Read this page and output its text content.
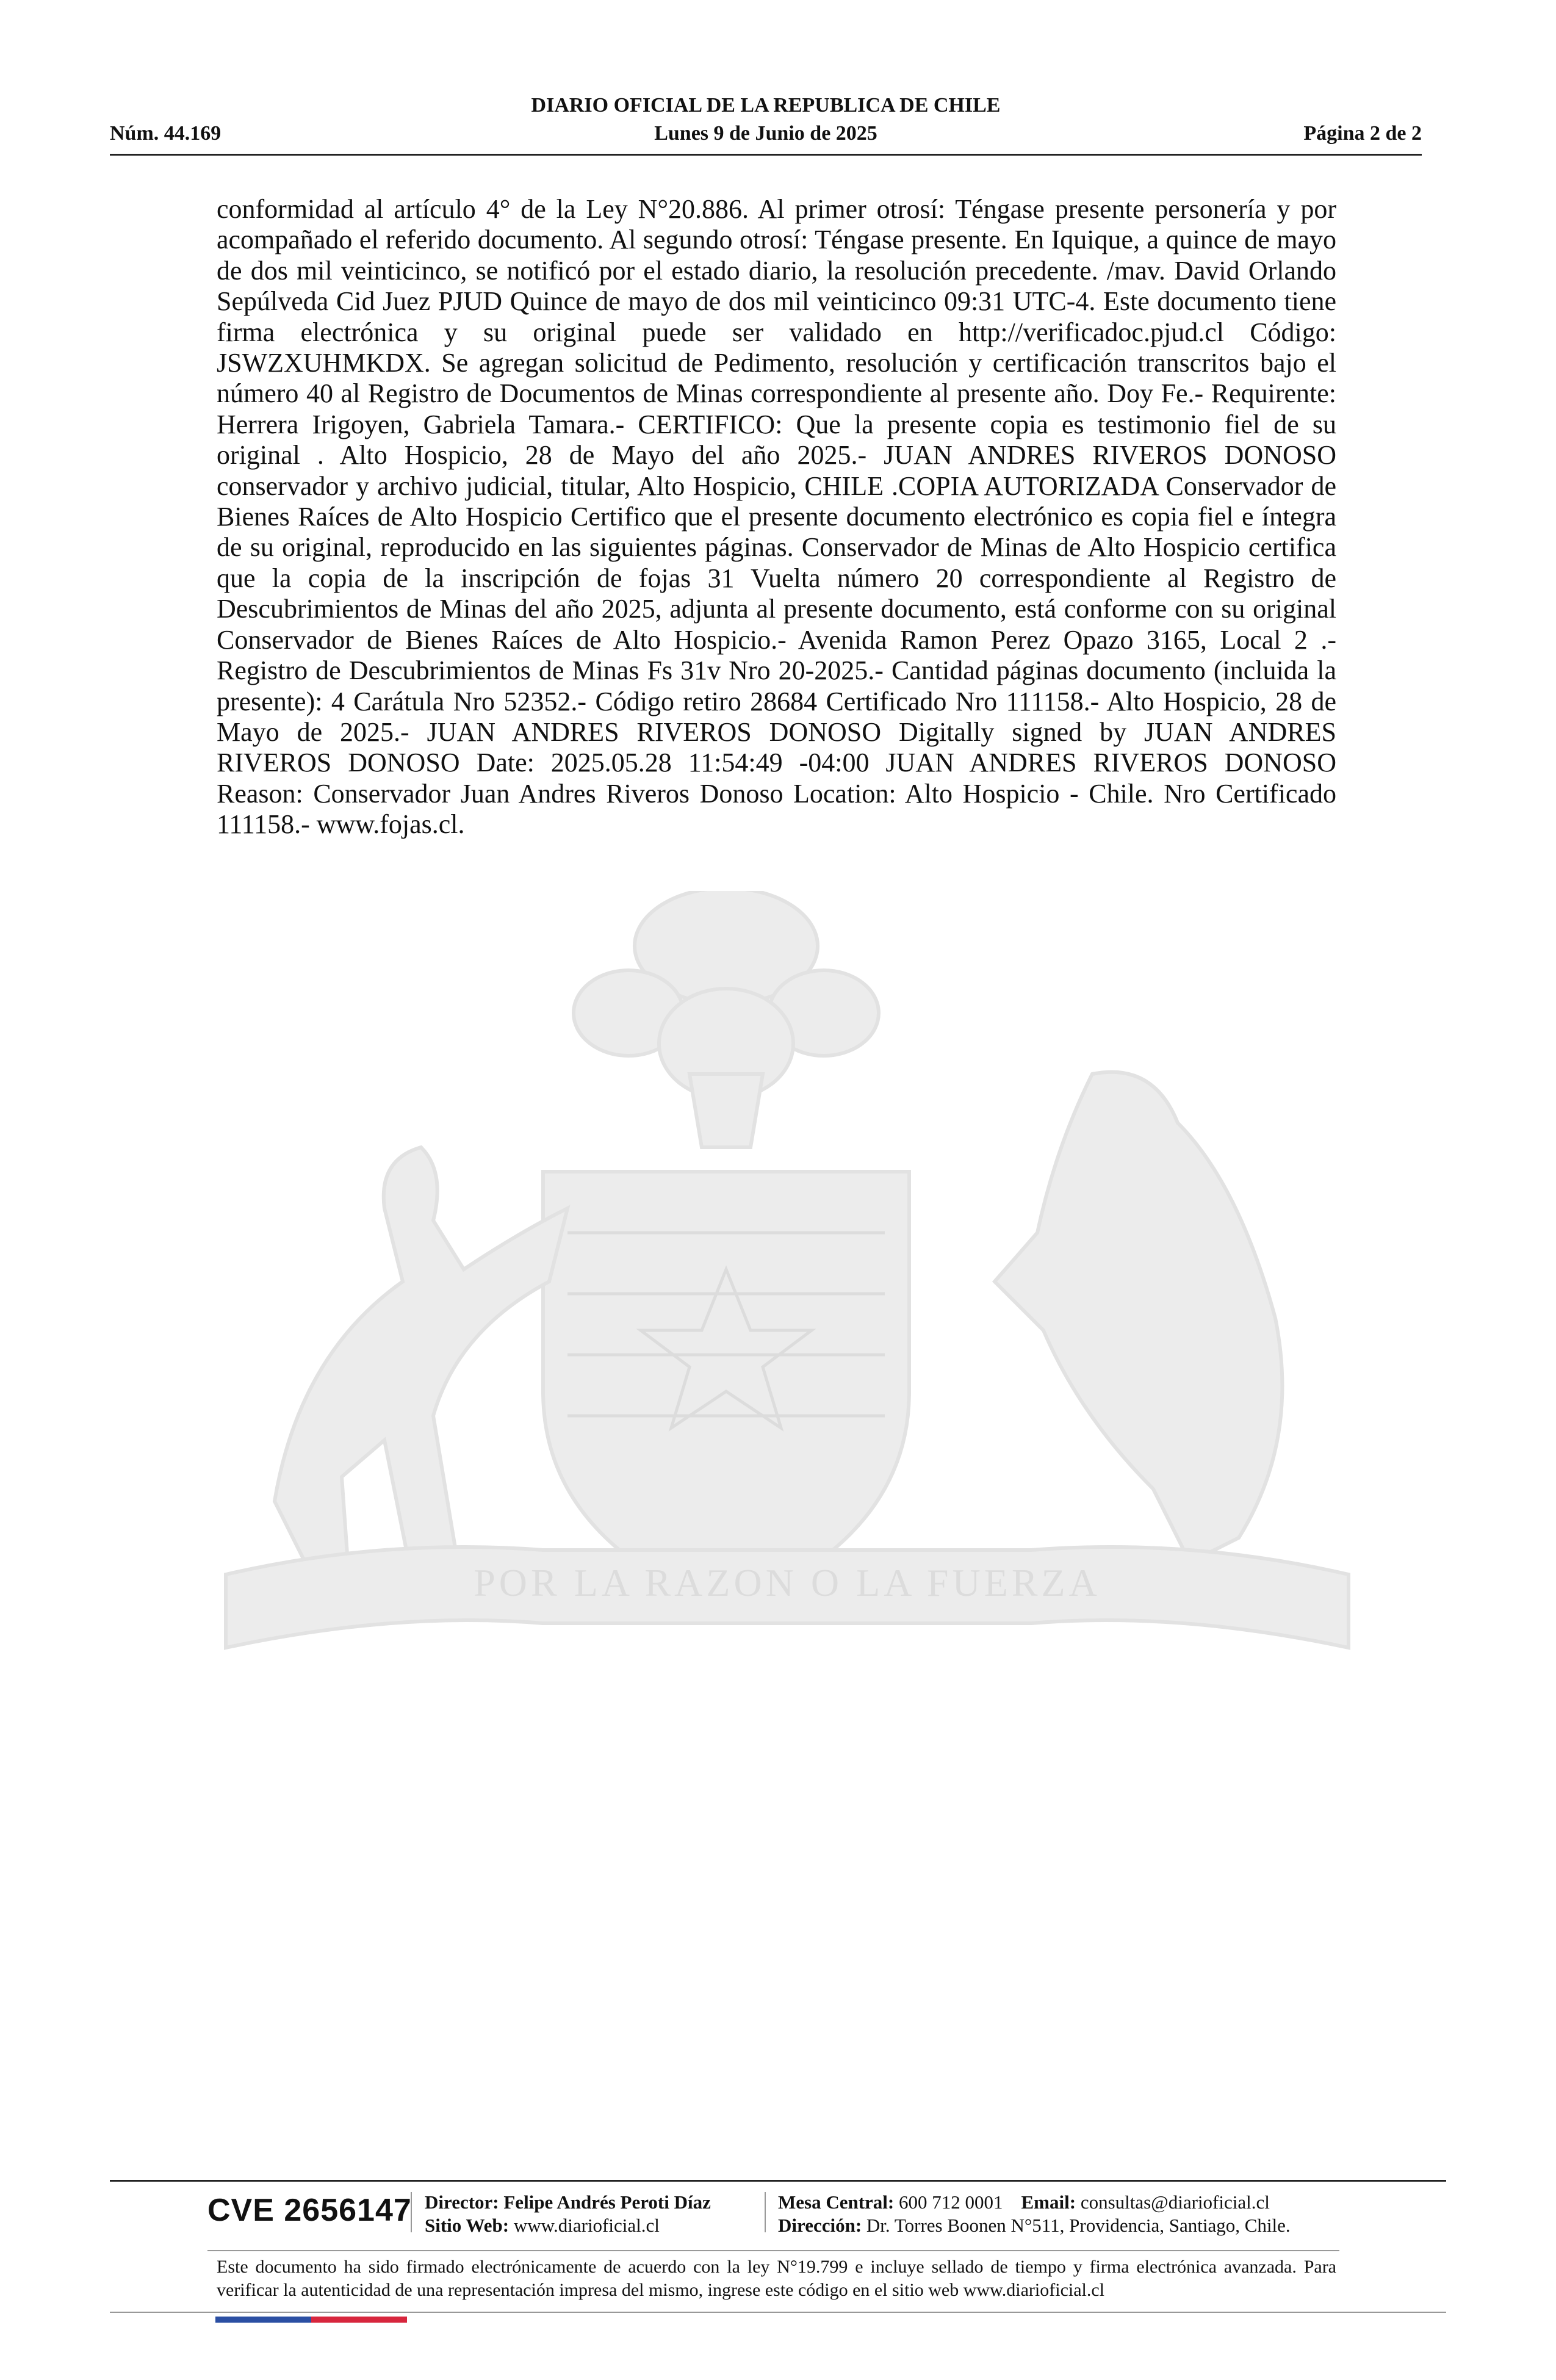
DIARIO OFICIAL DE LA REPUBLICA DE CHILE
Núm. 44.169	Lunes 9 de Junio de 2025	Página 2 de 2
POR LA RAZON O LA FUERZA

conformidad al artículo 4° de la Ley N°20.886. Al primer otrosí: Téngase presente personería y por acompañado el referido documento. Al segundo otrosí: Téngase presente. En Iquique, a quince de mayo de dos mil veinticinco, se notificó por el estado diario, la resolución precedente. /mav. David Orlando Sepúlveda Cid Juez PJUD Quince de mayo de dos mil veinticinco 09:31 UTC-4. Este documento tiene firma electrónica y su original puede ser validado en http://verificadoc.pjud.cl Código: JSWZXUHMKDX. Se agregan solicitud de Pedimento, resolución y certificación transcritos bajo el número 40 al Registro de Documentos de Minas correspondiente al presente año. Doy Fe.- Requirente: Herrera Irigoyen, Gabriela Tamara.- CERTIFICO: Que la presente copia es testimonio fiel de su original . Alto Hospicio, 28 de Mayo del año 2025.- JUAN ANDRES RIVEROS DONOSO conservador y archivo judicial, titular, Alto Hospicio, CHILE .COPIA AUTORIZADA Conservador de Bienes Raíces de Alto Hospicio Certifico que el presente documento electrónico es copia fiel e íntegra de su original, reproducido en las siguientes páginas. Conservador de Minas de Alto Hospicio certifica que la copia de la inscripción de fojas 31 Vuelta número 20 correspondiente al Registro de Descubrimientos de Minas del año 2025, adjunta al presente documento, está conforme con su original Conservador de Bienes Raíces de Alto Hospicio.- Avenida Ramon Perez Opazo 3165, Local 2 .- Registro de Descubrimientos de Minas Fs 31v Nro 20-2025.- Cantidad páginas documento (incluida la presente): 4 Carátula Nro 52352.- Código retiro 28684 Certificado Nro 111158.- Alto Hospicio, 28 de Mayo de 2025.- JUAN ANDRES RIVEROS DONOSO Digitally signed by JUAN ANDRES RIVEROS DONOSO Date: 2025.05.28 11:54:49 -04:00 JUAN ANDRES RIVEROS DONOSO Reason: Conservador Juan Andres Riveros Donoso Location: Alto Hospicio - Chile. Nro Certificado 111158.- www.fojas.cl.

CVE 2656147 Director: Felipe Andrés Peroti Díaz
Sitio Web: www.diarioficial.cl
Mesa Central: 600 712 0001 Email: consultas@diarioficial.cl
Dirección: Dr. Torres Boonen N°511, Providencia, Santiago, Chile.

Este documento ha sido firmado electrónicamente de acuerdo con la ley N°19.799 e incluye sellado de tiempo y firma electrónica avanzada. Para verificar la autenticidad de una representación impresa del mismo, ingrese este código en el sitio web www.diarioficial.cl
